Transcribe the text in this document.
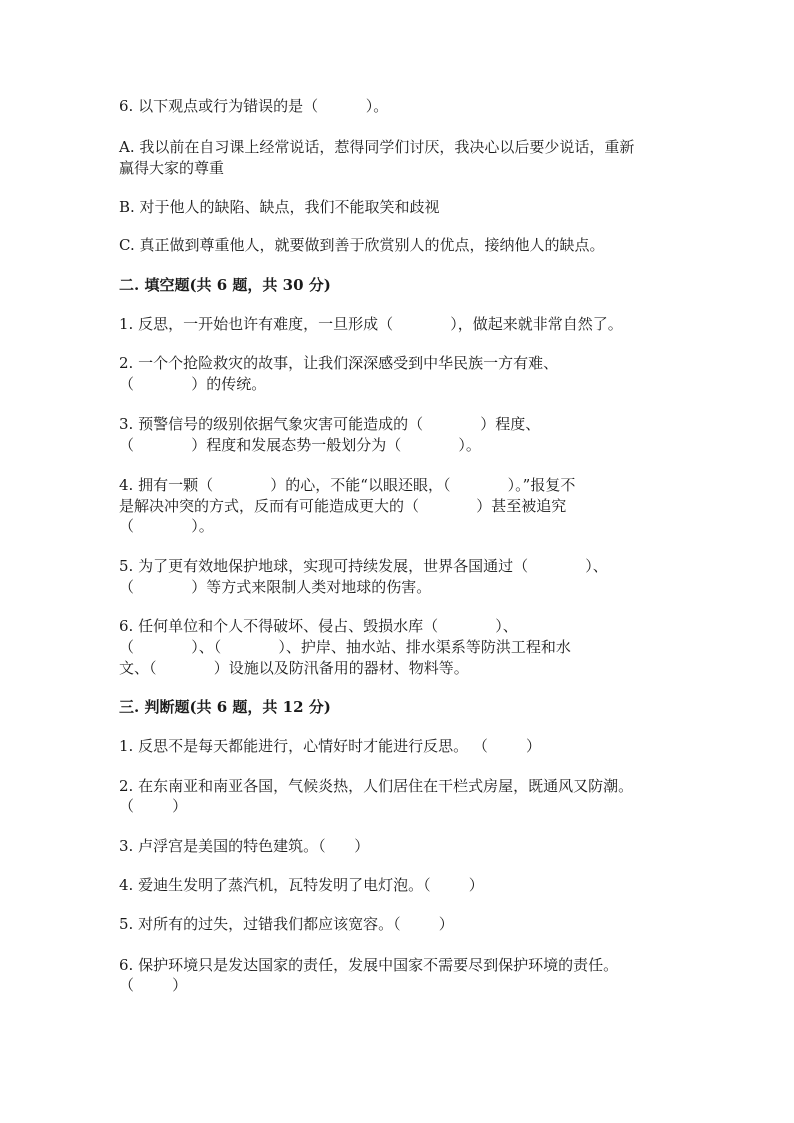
6. 以下观点或行为错误的是（          ）。
A. 我以前在自习课上经常说话，惹得同学们讨厌，我决心以后要少说话，重新
赢得大家的尊重
B. 对于他人的缺陷、缺点，我们不能取笑和歧视
C. 真正做到尊重他人，就要做到善于欣赏别人的优点，接纳他人的缺点。
二. 填空题(共 6 题，共 30 分)
1. 反思，一开始也许有难度，一旦形成（            ），做起来就非常自然了。
2. 一个个抢险救灾的故事，让我们深深感受到中华民族一方有难、
（            ）的传统。
3. 预警信号的级别依据气象灾害可能造成的（            ）程度、
（            ）程度和发展态势一般划分为（            ）。
4. 拥有一颗（            ）的心，不能“以眼还眼，（            ）。”报复不
是解决冲突的方式，反而有可能造成更大的（            ）甚至被追究
（            ）。
5. 为了更有效地保护地球，实现可持续发展，世界各国通过（            ）、
（            ）等方式来限制人类对地球的伤害。
6. 任何单位和个人不得破坏、侵占、毁损水库（            ）、
（            ）、（            ）、护岸、抽水站、排水渠系等防洪工程和水
文、（            ）设施以及防汛备用的器材、物料等。
三. 判断题(共 6 题，共 12 分)
1. 反思不是每天都能进行，心情好时才能进行反思。 （        ）
2. 在东南亚和南亚各国，气候炎热，人们居住在干栏式房屋，既通风又防潮。
（        ）
3. 卢浮宫是美国的特色建筑。（      ）
4. 爱迪生发明了蒸汽机，瓦特发明了电灯泡。（        ）
5. 对所有的过失，过错我们都应该宽容。（        ）
6. 保护环境只是发达国家的责任，发展中国家不需要尽到保护环境的责任。
（        ）
